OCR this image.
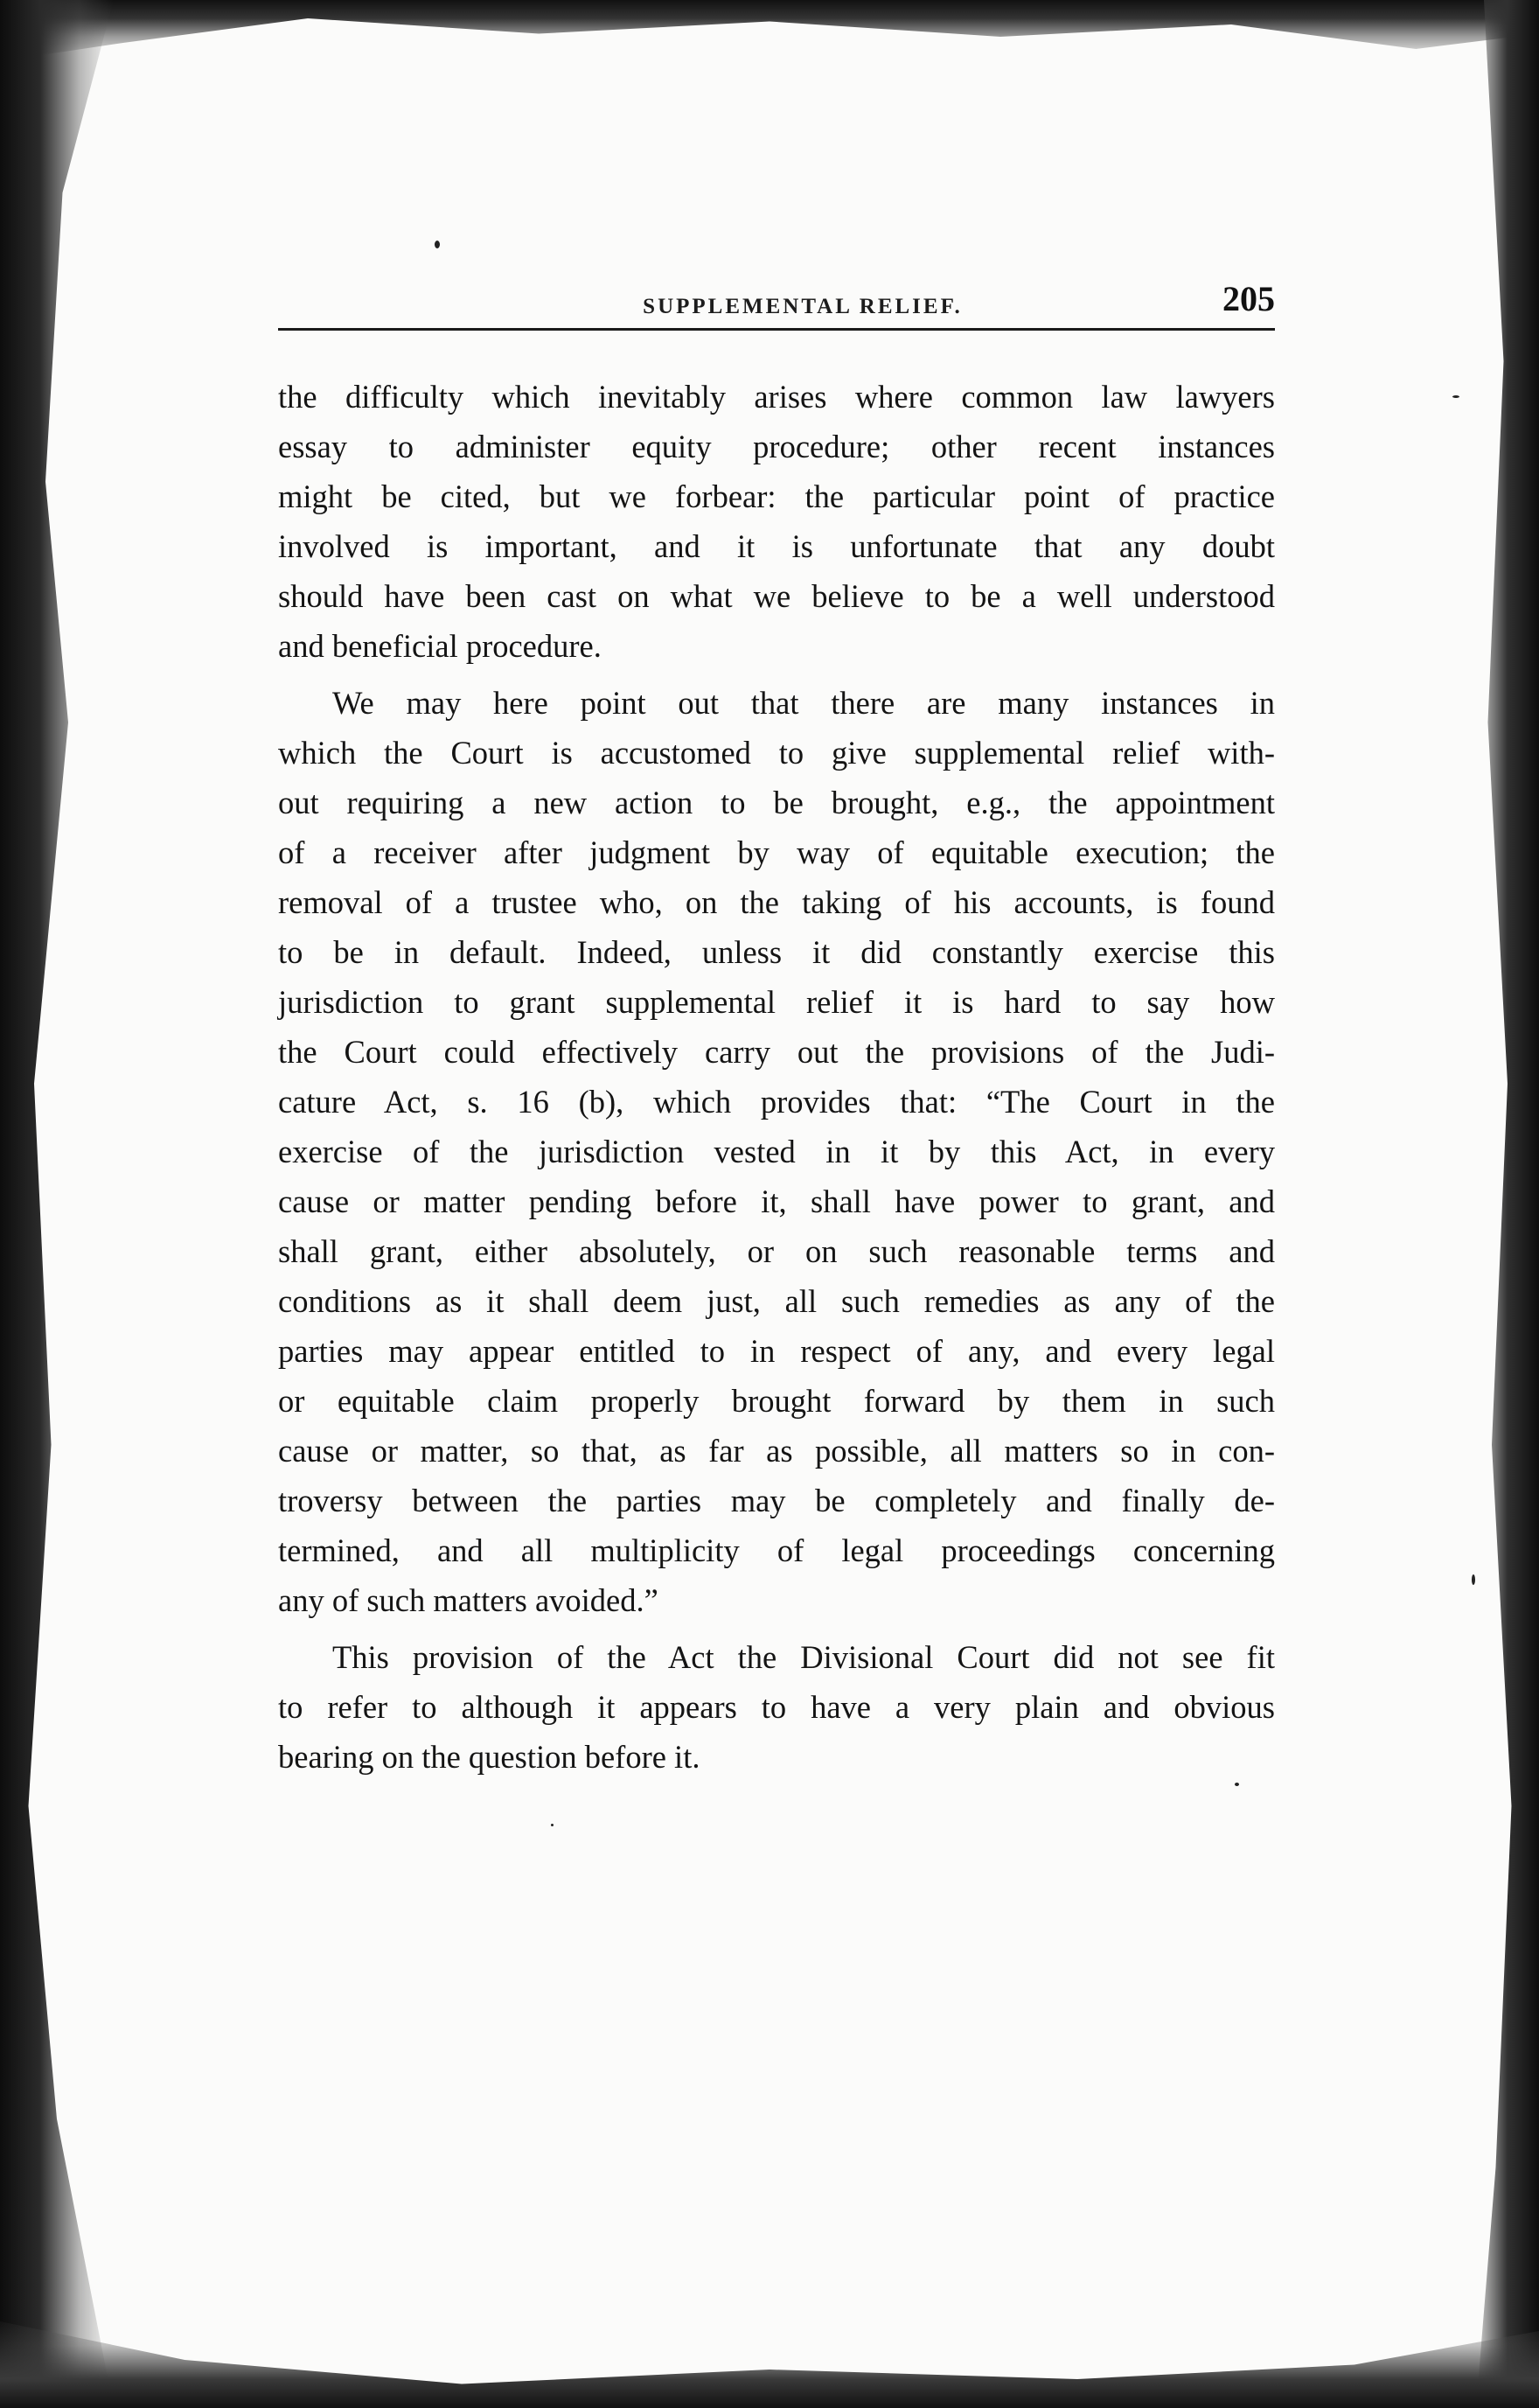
SUPPLEMENTAL RELIEF.	205
the difficulty which inevitably arises where common law lawyers
essay to administer equity procedure; other recent instances
might be cited, but we forbear: the particular point of practice
involved is important, and it is unfortunate that any doubt
should have been cast on what we believe to be a well understood
and beneficial procedure.
We may here point out that there are many instances in
which the Court is accustomed to give supplemental relief with-
out requiring a new action to be brought, e.g., the appointment
of a receiver after judgment by way of equitable execution; the
removal of a trustee who, on the taking of his accounts, is found
to be in default. Indeed, unless it did constantly exercise this
jurisdiction to grant supplemental relief it is hard to say how
the Court could effectively carry out the provisions of the Judi-
cature Act, s. 16 (b), which provides that: “The Court in the
exercise of the jurisdiction vested in it by this Act, in every
cause or matter pending before it, shall have power to grant, and
shall grant, either absolutely, or on such reasonable terms and
conditions as it shall deem just, all such remedies as any of the
parties may appear entitled to in respect of any, and every legal
or equitable claim properly brought forward by them in such
cause or matter, so that, as far as possible, all matters so in con-
troversy between the parties may be completely and finally de-
termined, and all multiplicity of legal proceedings concerning
any of such matters avoided.”
This provision of the Act the Divisional Court did not see fit
to refer to although it appears to have a very plain and obvious
bearing on the question before it.
